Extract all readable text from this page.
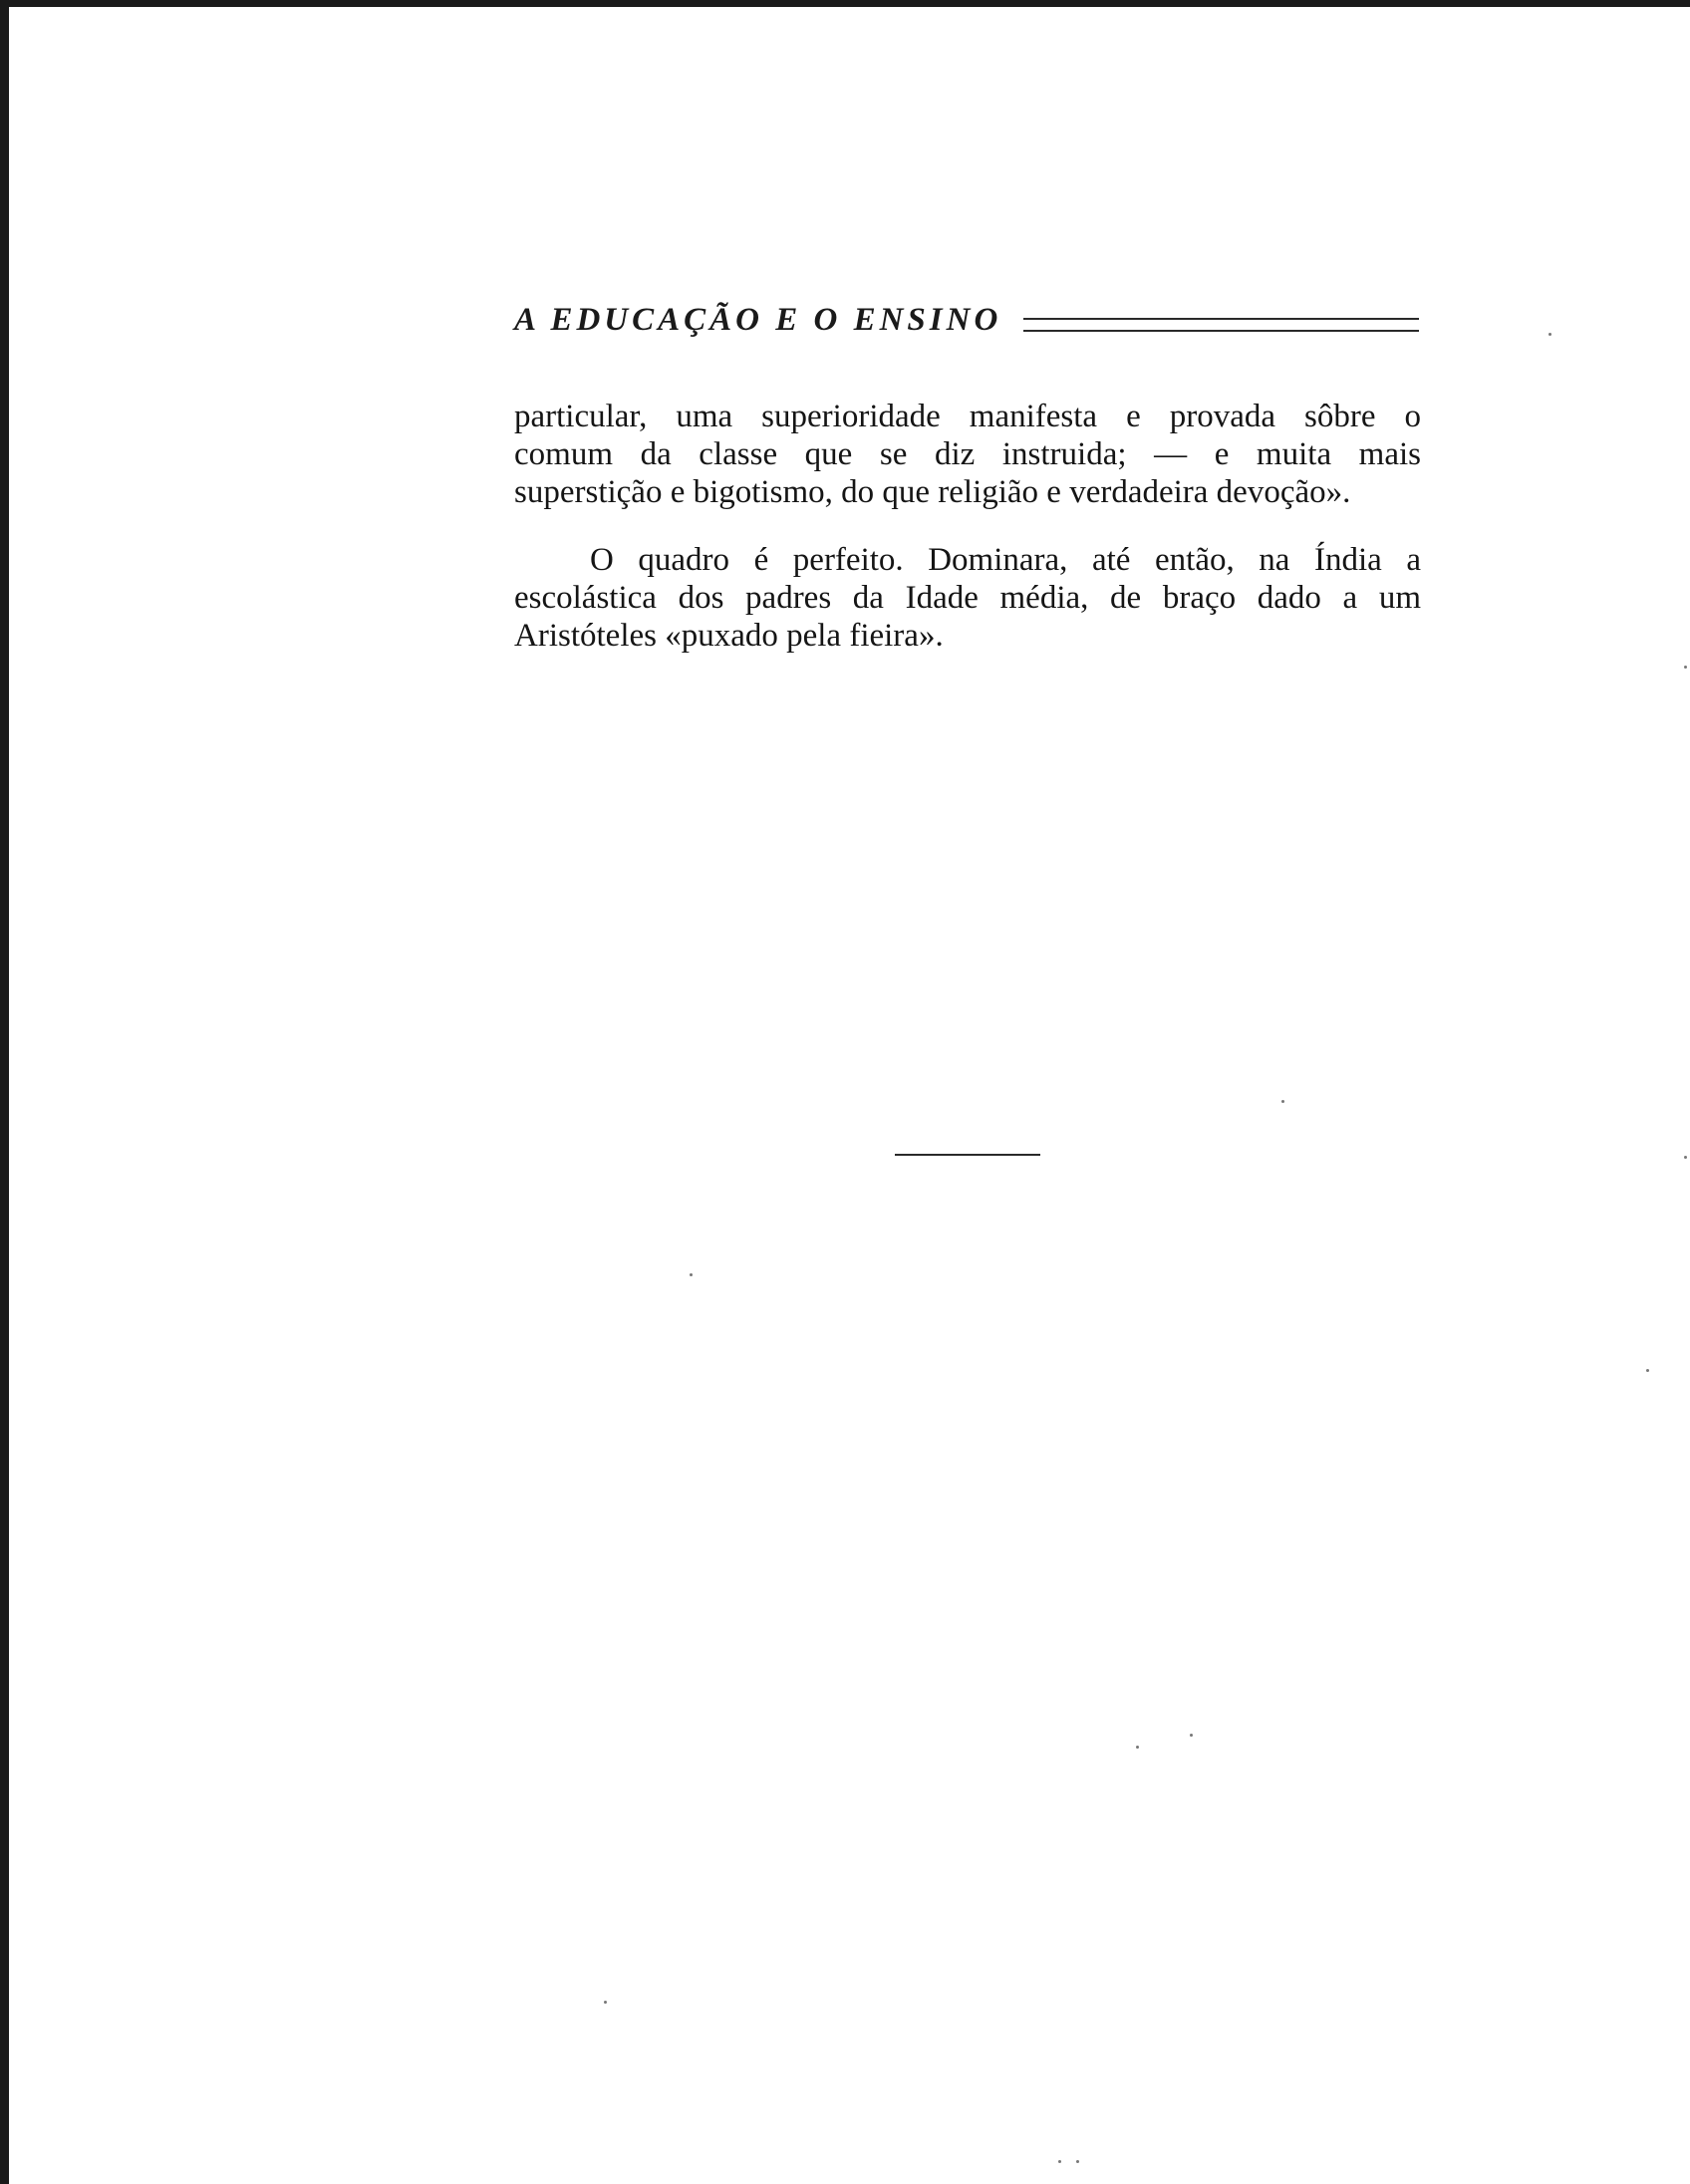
A EDUCAÇÃO E O ENSINO
particular, uma superioridade manifesta e provada sôbre o
comum da classe que se diz instruida; — e muita mais
superstição e bigotismo, do que religião e verdadeira devoção».
O quadro é perfeito. Dominara, até então, na Índia a
escolástica dos padres da Idade média, de braço dado a um
Aristóteles «puxado pela fieira».
